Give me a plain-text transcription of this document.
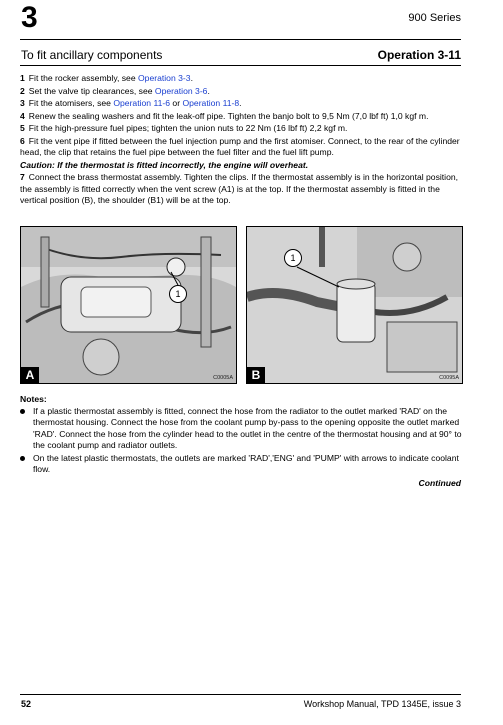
3	900 Series
To fit ancillary components	Operation 3-11

1 Fit the rocker assembly, see Operation 3-3.

2 Set the valve tip clearances, see Operation 3-6.

3 Fit the atomisers, see Operation 11-6 or Operation 11-8.

4 Renew the sealing washers and fit the leak-off pipe. Tighten the banjo bolt to 9,5 Nm (7,0 lbf ft) 1,0 kgf m.

5 Fit the high-pressure fuel pipes; tighten the union nuts to 22 Nm (16 lbf ft) 2,2 kgf m.

6 Fit the vent pipe if fitted between the fuel injection pump and the first atomiser. Connect, to the rear of the cylinder head, the clip that retains the fuel pipe between the fuel filter and the fuel lift pump.

Caution: If the thermostat is fitted incorrectly, the engine will overheat.

7 Connect the brass thermostat assembly. Tighten the clips. If the thermostat assembly is in the horizontal position, the assembly is fitted correctly when the vent screw (A1) is at the top. If the thermostat assembly is fitted in the vertical position (B), the shoulder (B1) will be at the top.

1
A	C0005A
1
B	C0095A
Notes:
If a plastic thermostat assembly is fitted, connect the hose from the radiator to the outlet marked 'RAD' on the thermostat housing. Connect the hose from the coolant pump by-pass to the opening opposite the outlet marked 'RAD'. Connect the hose from the cylinder head to the outlet in the centre of the thermostat housing and at 90° to the coolant pump and radiator outlets.
On the latest plastic thermostats, the outlets are marked 'RAD','ENG' and 'PUMP' with arrows to indicate coolant flow.
Continued
52	Workshop Manual, TPD 1345E, issue 3
